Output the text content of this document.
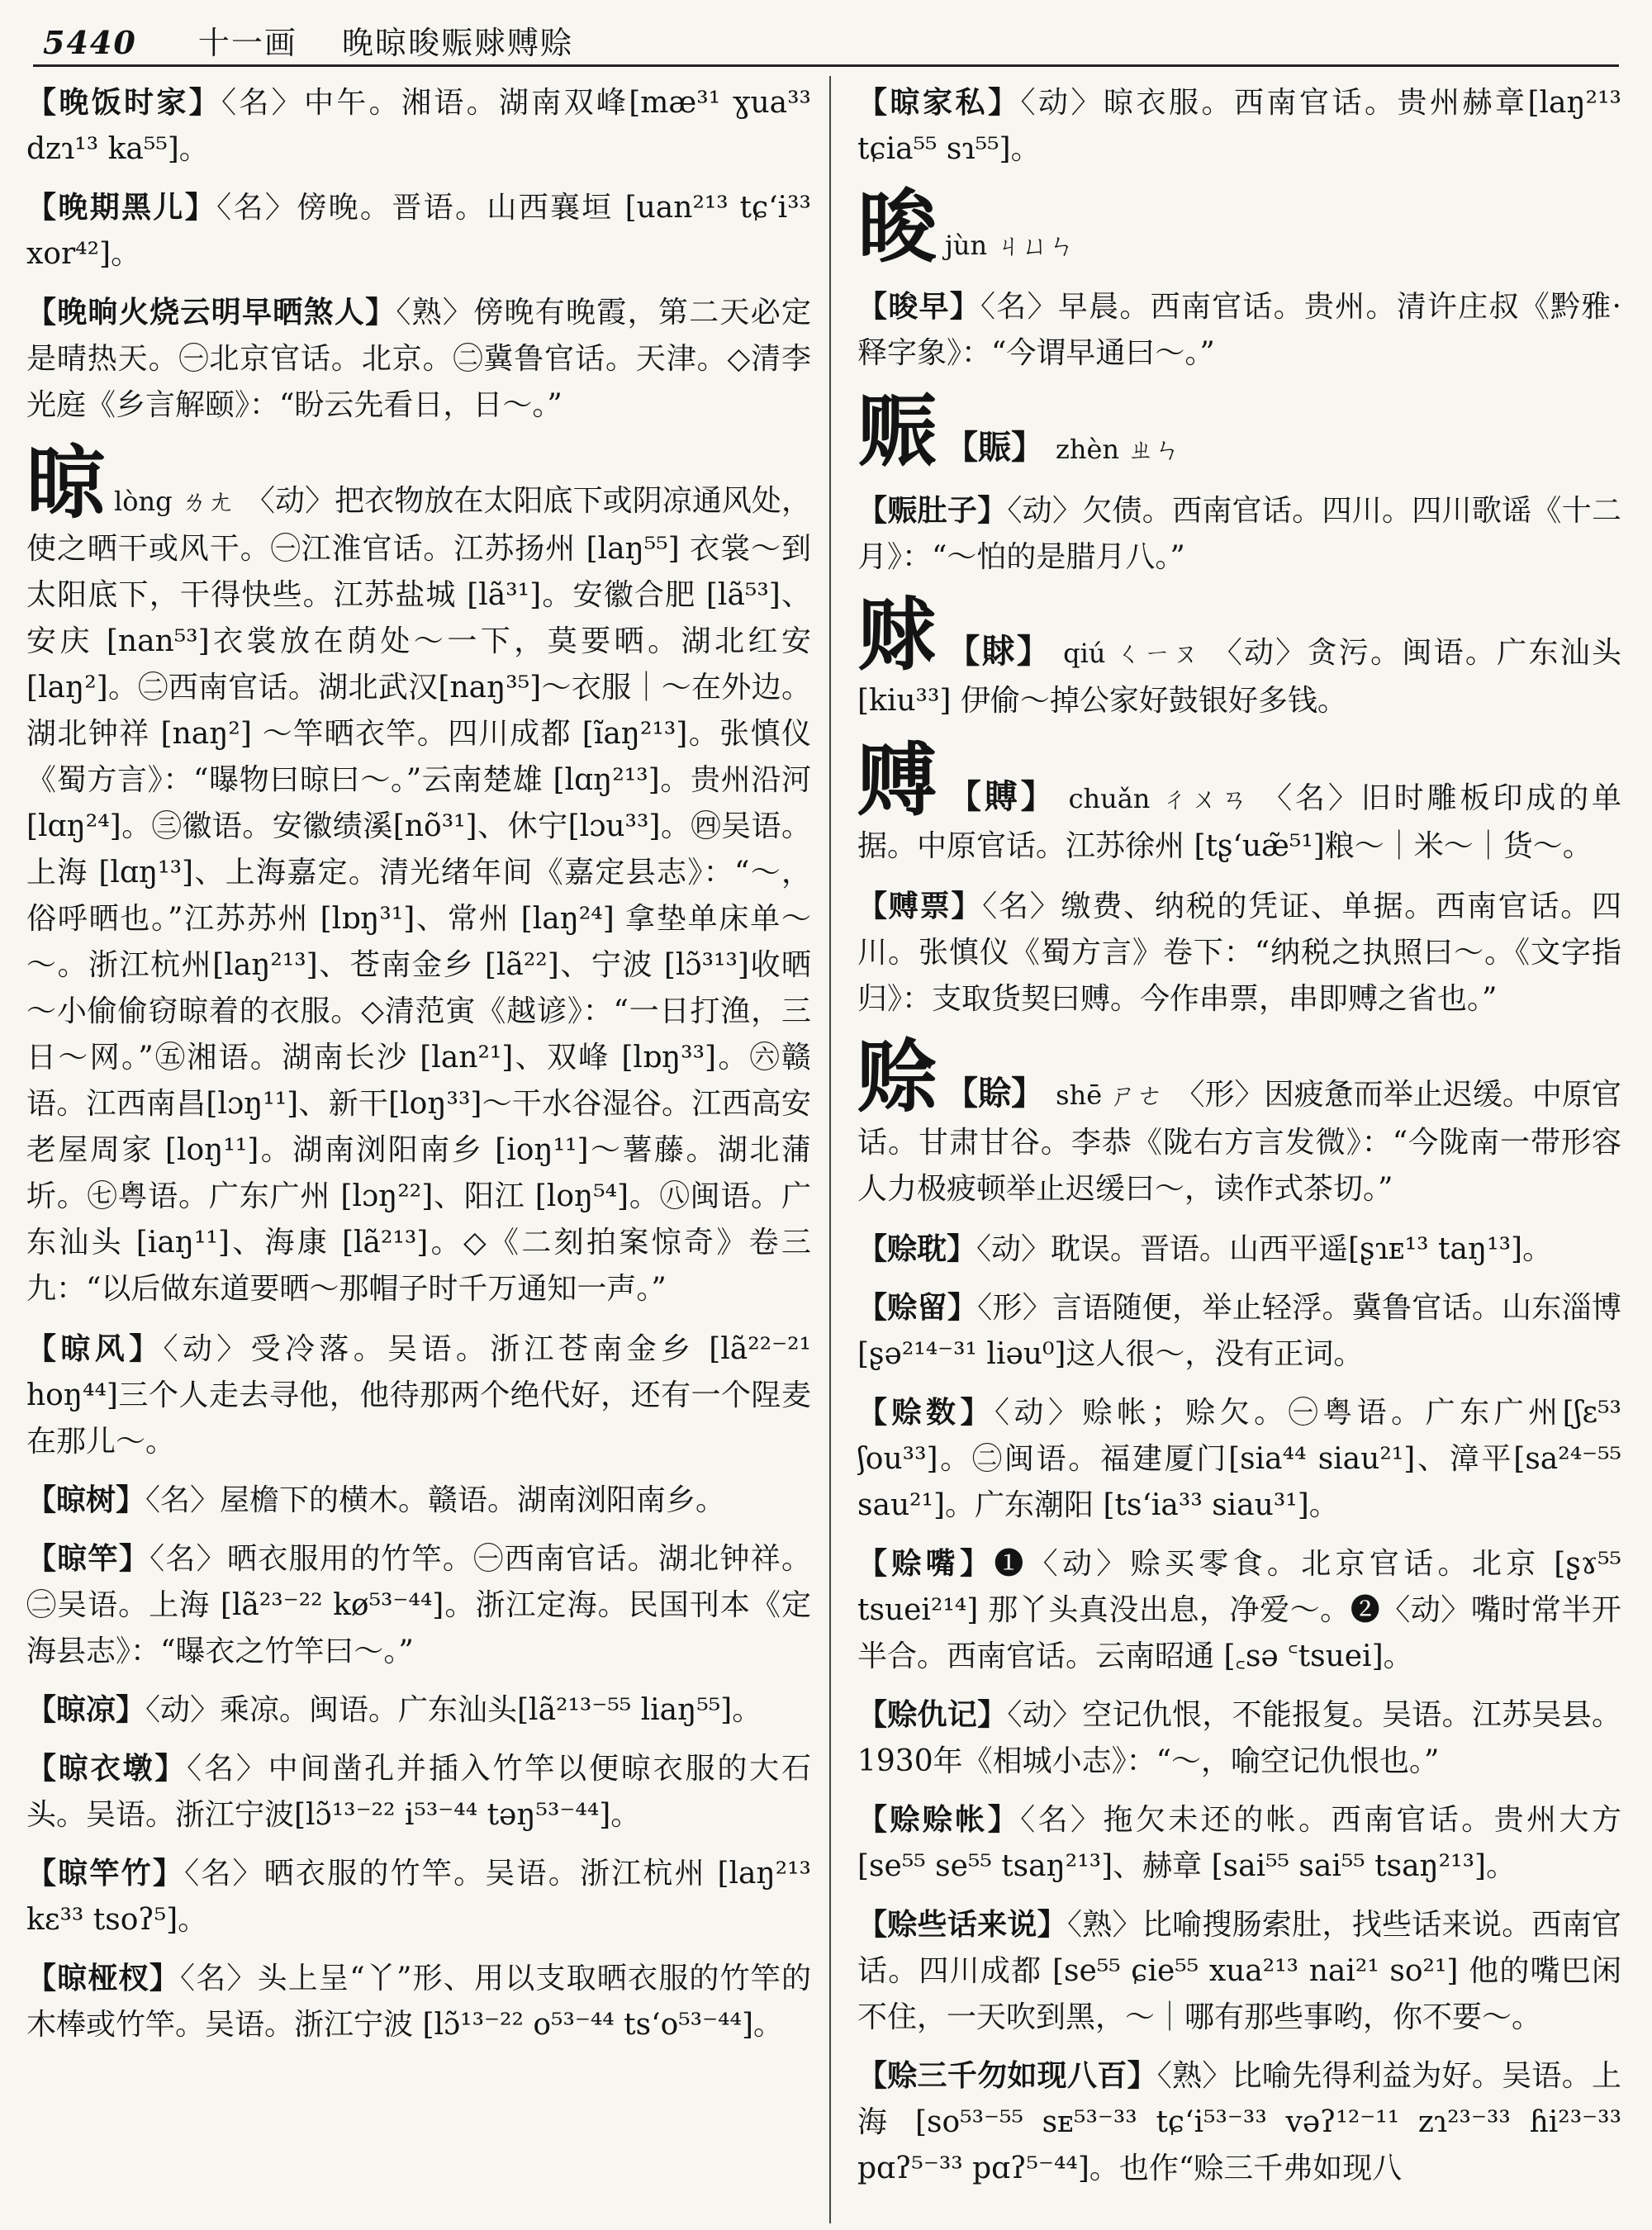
5440 十一画 晚晾晙赈赇赙赊
【晚饭时家】〈名〉中午。湘语。湖南双峰[mæ³¹ ɣua³³ dzɿ¹³ ka⁵⁵]。
【晚期黑儿】〈名〉傍晚。晋语。山西襄垣 [uan²¹³ tɕ‘i³³ xor⁴²]。
【晚晌火烧云明早晒煞人】〈熟〉傍晚有晚霞，第二天必定是晴热天。㊀北京官话。北京。㊁冀鲁官话。天津。◇清李光庭《乡言解颐》：“盼云先看日，日～。”
晾lòng ㄌㄤ 〈动〉把衣物放在太阳底下或阴凉通风处，使之晒干或风干。㊀江淮官话。江苏扬州 [laŋ⁵⁵] 衣裳～到太阳底下，干得快些。江苏盐城 [lã³¹]。安徽合肥 [lã⁵³]、安庆 [nan⁵³]衣裳放在荫处～一下，莫要晒。湖北红安[laŋ²]。㊁西南官话。湖北武汉[naŋ³⁵]～衣服｜～在外边。湖北钟祥 [naŋ²] ～竿晒衣竿。四川成都 [ĩaŋ²¹³]。张慎仪《蜀方言》：“曝物曰晾曰～。”云南楚雄 [lɑŋ²¹³]。贵州沿河[lɑŋ²⁴]。㊂徽语。安徽绩溪[nõ³¹]、休宁[lɔu³³]。㊃吴语。上海 [lɑŋ¹³]、上海嘉定。清光绪年间《嘉定县志》：“～，俗呼晒也。”江苏苏州 [lɒŋ³¹]、常州 [laŋ²⁴] 拿垫单床单～～。浙江杭州[laŋ²¹³]、苍南金乡 [lã²²]、宁波 [lɔ̃³¹³]收晒～小偷偷窃晾着的衣服。◇清范寅《越谚》：“一日打渔，三日～网。”㊄湘语。湖南长沙 [lan²¹]、双峰 [lɒŋ³³]。㊅赣语。江西南昌[lɔŋ¹¹]、新干[loŋ³³]～干水谷湿谷。江西高安老屋周家 [loŋ¹¹]。湖南浏阳南乡 [ioŋ¹¹]～薯藤。湖北蒲圻。㊆粤语。广东广州 [lɔŋ²²]、阳江 [loŋ⁵⁴]。㊇闽语。广东汕头 [iaŋ¹¹]、海康 [lã²¹³]。◇《二刻拍案惊奇》卷三九：“以后做东道要晒～那帽子时千万通知一声。”
【晾风】〈动〉受冷落。吴语。浙江苍南金乡 [lã²²⁻²¹ hoŋ⁴⁴]三个人走去寻他，他待那两个绝代好，还有一个陧麦在那儿～。
【晾树】〈名〉屋檐下的横木。赣语。湖南浏阳南乡。
【晾竿】〈名〉晒衣服用的竹竿。㊀西南官话。湖北钟祥。㊁吴语。上海 [lã²³⁻²² kø⁵³⁻⁴⁴]。浙江定海。民国刊本《定海县志》：“曝衣之竹竿曰～。”
【晾凉】〈动〉乘凉。闽语。广东汕头[lã²¹³⁻⁵⁵ liaŋ⁵⁵]。
【晾衣墩】〈名〉中间凿孔并插入竹竿以便晾衣服的大石头。吴语。浙江宁波[lɔ̃¹³⁻²² i⁵³⁻⁴⁴ təŋ⁵³⁻⁴⁴]。
【晾竿竹】〈名〉晒衣服的竹竿。吴语。浙江杭州 [laŋ²¹³ kɛ³³ tsoʔ⁵]。
【晾桠杈】〈名〉头上呈“丫”形、用以支取晒衣服的竹竿的木棒或竹竿。吴语。浙江宁波 [lɔ̃¹³⁻²² o⁵³⁻⁴⁴ ts‘o⁵³⁻⁴⁴]。
【晾家私】〈动〉晾衣服。西南官话。贵州赫章[laŋ²¹³ tɕia⁵⁵ sɿ⁵⁵]。
晙jùn ㄐㄩㄣ
【晙早】〈名〉早晨。西南官话。贵州。清许庄叔《黔雅·释字象》：“今谓早通曰～。”
赈 【賑】 zhèn ㄓㄣ
【赈肚子】〈动〉欠债。西南官话。四川。四川歌谣《十二月》：“～怕的是腊月八。”
赇 【賕】 qiú ㄑㄧㄡ 〈动〉贪污。闽语。广东汕头[kiu³³] 伊偷～掉公家好鼓银好多钱。
赙 【賻】 chuǎn ㄔㄨㄢ 〈名〉旧时雕板印成的单据。中原官话。江苏徐州 [tʂ‘uæ̃⁵¹]粮～｜米～｜货～。
【赙票】〈名〉缴费、纳税的凭证、单据。西南官话。四川。张慎仪《蜀方言》卷下：“纳税之执照曰～。《文字指归》：支取货契曰赙。今作串票，串即赙之省也。”
赊 【賒】 shē ㄕㄜ 〈形〉因疲惫而举止迟缓。中原官话。甘肃甘谷。李恭《陇右方言发微》：“今陇南一带形容人力极疲顿举止迟缓曰～，读作式茶切。”
【赊耽】〈动〉耽误。晋语。山西平遥[ʂɿᴇ¹³ taŋ¹³]。
【赊留】〈形〉言语随便，举止轻浮。冀鲁官话。山东淄博[ʂə²¹⁴⁻³¹ liəu⁰]这人很～，没有正词。
【赊数】〈动〉赊帐；赊欠。㊀粤语。广东广州[ʃɛ⁵³ ʃou³³]。㊁闽语。福建厦门[sia⁴⁴ siau²¹]、漳平[sa²⁴⁻⁵⁵ sau²¹]。广东潮阳 [ts‘ia³³ siau³¹]。
【赊嘴】❶〈动〉赊买零食。北京官话。北京 [ʂɤ⁵⁵ tsuei²¹⁴] 那丫头真没出息，净爱～。❷〈动〉嘴时常半开半合。西南官话。云南昭通 [꜀sə ꜂tsuei]。
【赊仇记】〈动〉空记仇恨，不能报复。吴语。江苏吴县。1930年《相城小志》：“～，喻空记仇恨也。”
【赊赊帐】〈名〉拖欠未还的帐。西南官话。贵州大方 [se⁵⁵ se⁵⁵ tsaŋ²¹³]、赫章 [sai⁵⁵ sai⁵⁵ tsaŋ²¹³]。
【赊些话来说】〈熟〉比喻搜肠索肚，找些话来说。西南官话。四川成都 [se⁵⁵ ɕie⁵⁵ xua²¹³ nai²¹ so²¹] 他的嘴巴闲不住，一天吹到黑，～｜哪有那些事哟，你不要～。
【赊三千勿如现八百】〈熟〉比喻先得利益为好。吴语。上海 [so⁵³⁻⁵⁵ sᴇ⁵³⁻³³ tɕ‘i⁵³⁻³³ vəʔ¹²⁻¹¹ zɿ²³⁻³³ ɦi²³⁻³³ pɑʔ⁵⁻³³ pɑʔ⁵⁻⁴⁴]。也作“赊三千弗如现八
